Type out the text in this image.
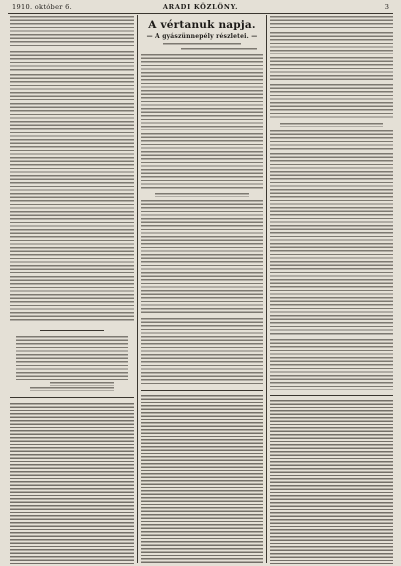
1910. október 6.	ARADI KÖZLÖNY.	3
A vértanuk napja.
— A gyászünnepély részletei. —
